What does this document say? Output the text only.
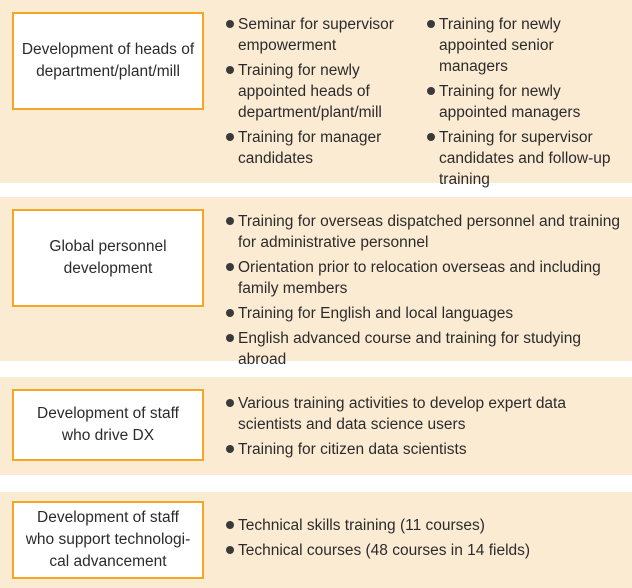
Development of heads of
department/plant/mill
Seminar for supervisor empowerment
Training for newly appointed heads of department/plant/mill
Training for manager candidates
Training for newly appointed senior managers
Training for newly appointed managers
Training for supervisor candidates and follow-up training
Global personnel
development
Training for overseas dispatched personnel and training for administrative personnel
Orientation prior to relocation overseas and including family members
Training for English and local languages
English advanced course and training for studying abroad
Development of staff
who drive DX
Various training activities to develop expert data scientists and data science users
Training for citizen data scientists
Development of staff
who support technologi-
cal advancement
Technical skills training (11 courses)
Technical courses (48 courses in 14 fields)
